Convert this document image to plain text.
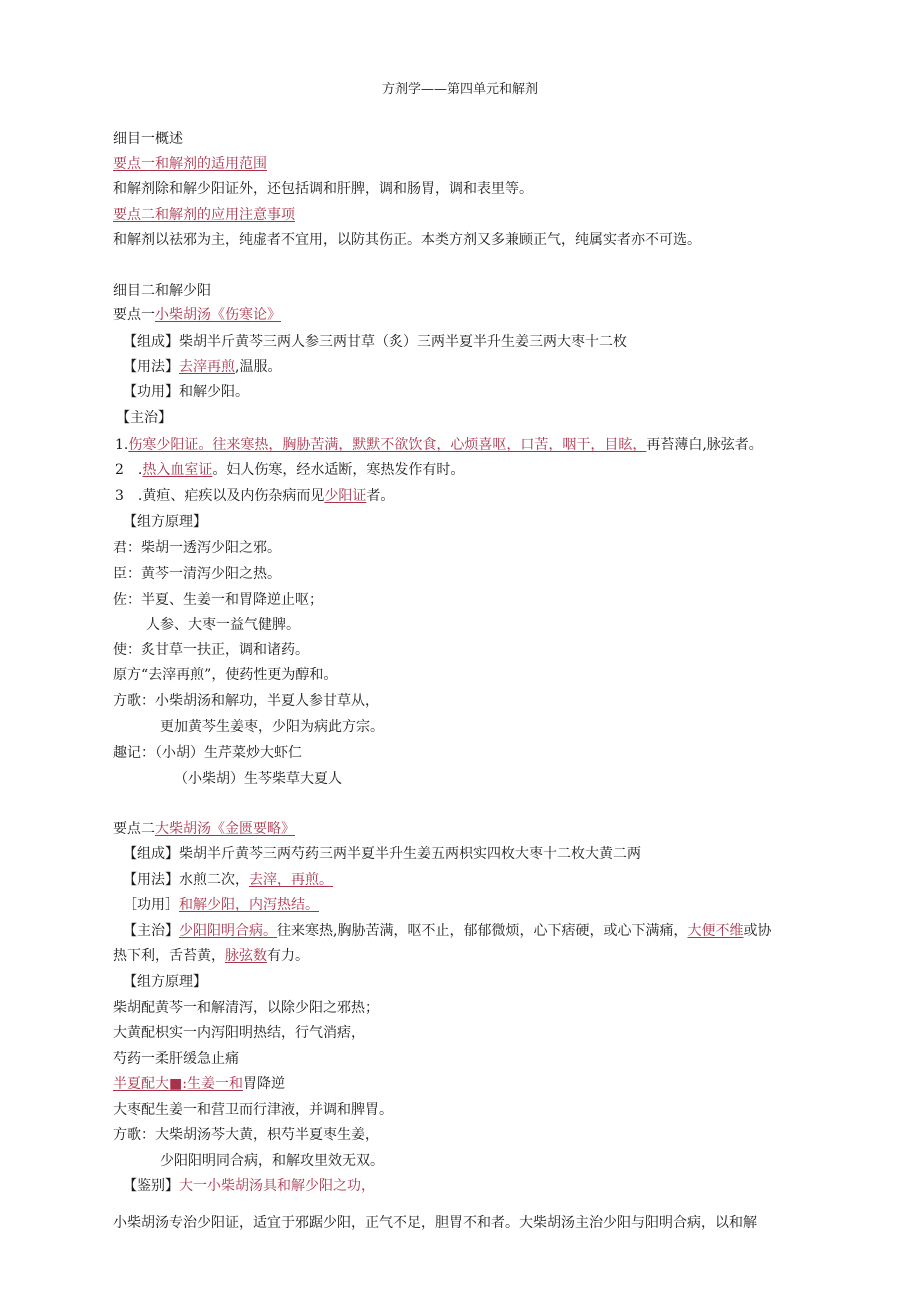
方剂学——第四单元和解剂
细目一概述
要点一和解剂的适用范围
和解剂除和解少阳证外，还包括调和肝脾，调和肠胃，调和表里等。
要点二和解剂的应用注意事项
和解剂以祛邪为主，纯虚者不宜用，以防其伤正。本类方剂又多兼顾正气，纯属实者亦不可选。
细目二和解少阳
要点一小柴胡汤《伤寒论》
【组成】柴胡半斤黄芩三两人参三两甘草（炙）三两半夏半升生姜三两大枣十二枚
【用法】去滓再煎,温服。
【功用】和解少阳。
【主治】
1.伤寒少阳证。往来寒热，胸胁苦满，默默不欲饮食，心烦喜呕，口苦，咽干，目眩，再苔薄白,脉弦者。
2 .热入血室证。妇人伤寒，经水适断，寒热发作有时。
3 .黄疸、疟疾以及内伤杂病而见少阳证者。
【组方原理】
君：柴胡一透泻少阳之邪。
臣：黄芩一清泻少阳之热。
佐：半夏、生姜一和胃降逆止呕；
人参、大枣一益气健脾。
使：炙甘草一扶正，调和诸药。
原方“去滓再煎”，使药性更为醇和。
方歌：小柴胡汤和解功，半夏人参甘草从，
更加黄芩生姜枣，少阳为病此方宗。
趣记：（小胡）生芹菜炒大虾仁
（小柴胡）生芩柴草大夏人
要点二大柴胡汤《金匮要略》
【组成】柴胡半斤黄芩三两芍药三两半夏半升生姜五两枳实四枚大枣十二枚大黄二两
【用法】水煎二次，去滓，再煎。
［功用］和解少阳，内泻热结。
【主治】少阳阳明合病。往来寒热,胸胁苦满，呕不止，郁郁微烦，心下痞硬，或心下满痛，大便不维或协
热下利，舌苔黄，脉弦数有力。
【组方原理】
柴胡配黄芩一和解清泻，以除少阳之邪热；
大黄配枳实一内泻阳明热结，行气消痞，
芍药一柔肝缓急止痛
半夏配大■:生姜一和胃降逆
大枣配生姜一和营卫而行津液，并调和脾胃。
方歌：大柴胡汤芩大黄，枳芍半夏枣生姜，
少阳阳明同合病，和解攻里效无双。
【鉴别】大一小柴胡汤具和解少阳之功，
小柴胡汤专治少阳证，适宜于邪踞少阳，正气不足，胆胃不和者。大柴胡汤主治少阳与阳明合病，以和解
